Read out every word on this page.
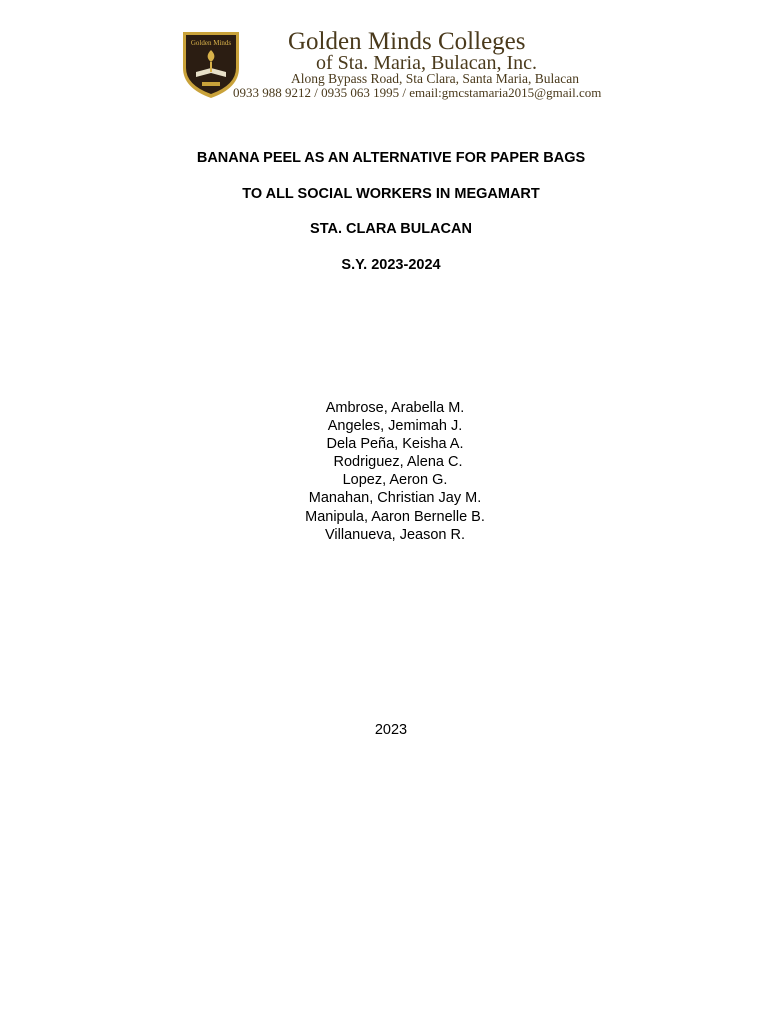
Golden Minds Golden Minds Colleges
of Sta. Maria, Bulacan, Inc.
Along Bypass Road, Sta Clara, Santa Maria, Bulacan
0933 988 9212 / 0935 063 1995 / email:gmcstamaria2015@gmail.com
BANANA PEEL AS AN ALTERNATIVE FOR PAPER BAGS
TO ALL SOCIAL WORKERS IN MEGAMART
STA. CLARA BULACAN
S.Y. 2023-2024
Ambrose, Arabella M.
Angeles, Jemimah J.
Dela Peña, Keisha A.
Rodriguez, Alena C.
Lopez, Aeron G.
Manahan, Christian Jay M.
Manipula, Aaron Bernelle B.
Villanueva, Jeason R.
2023
